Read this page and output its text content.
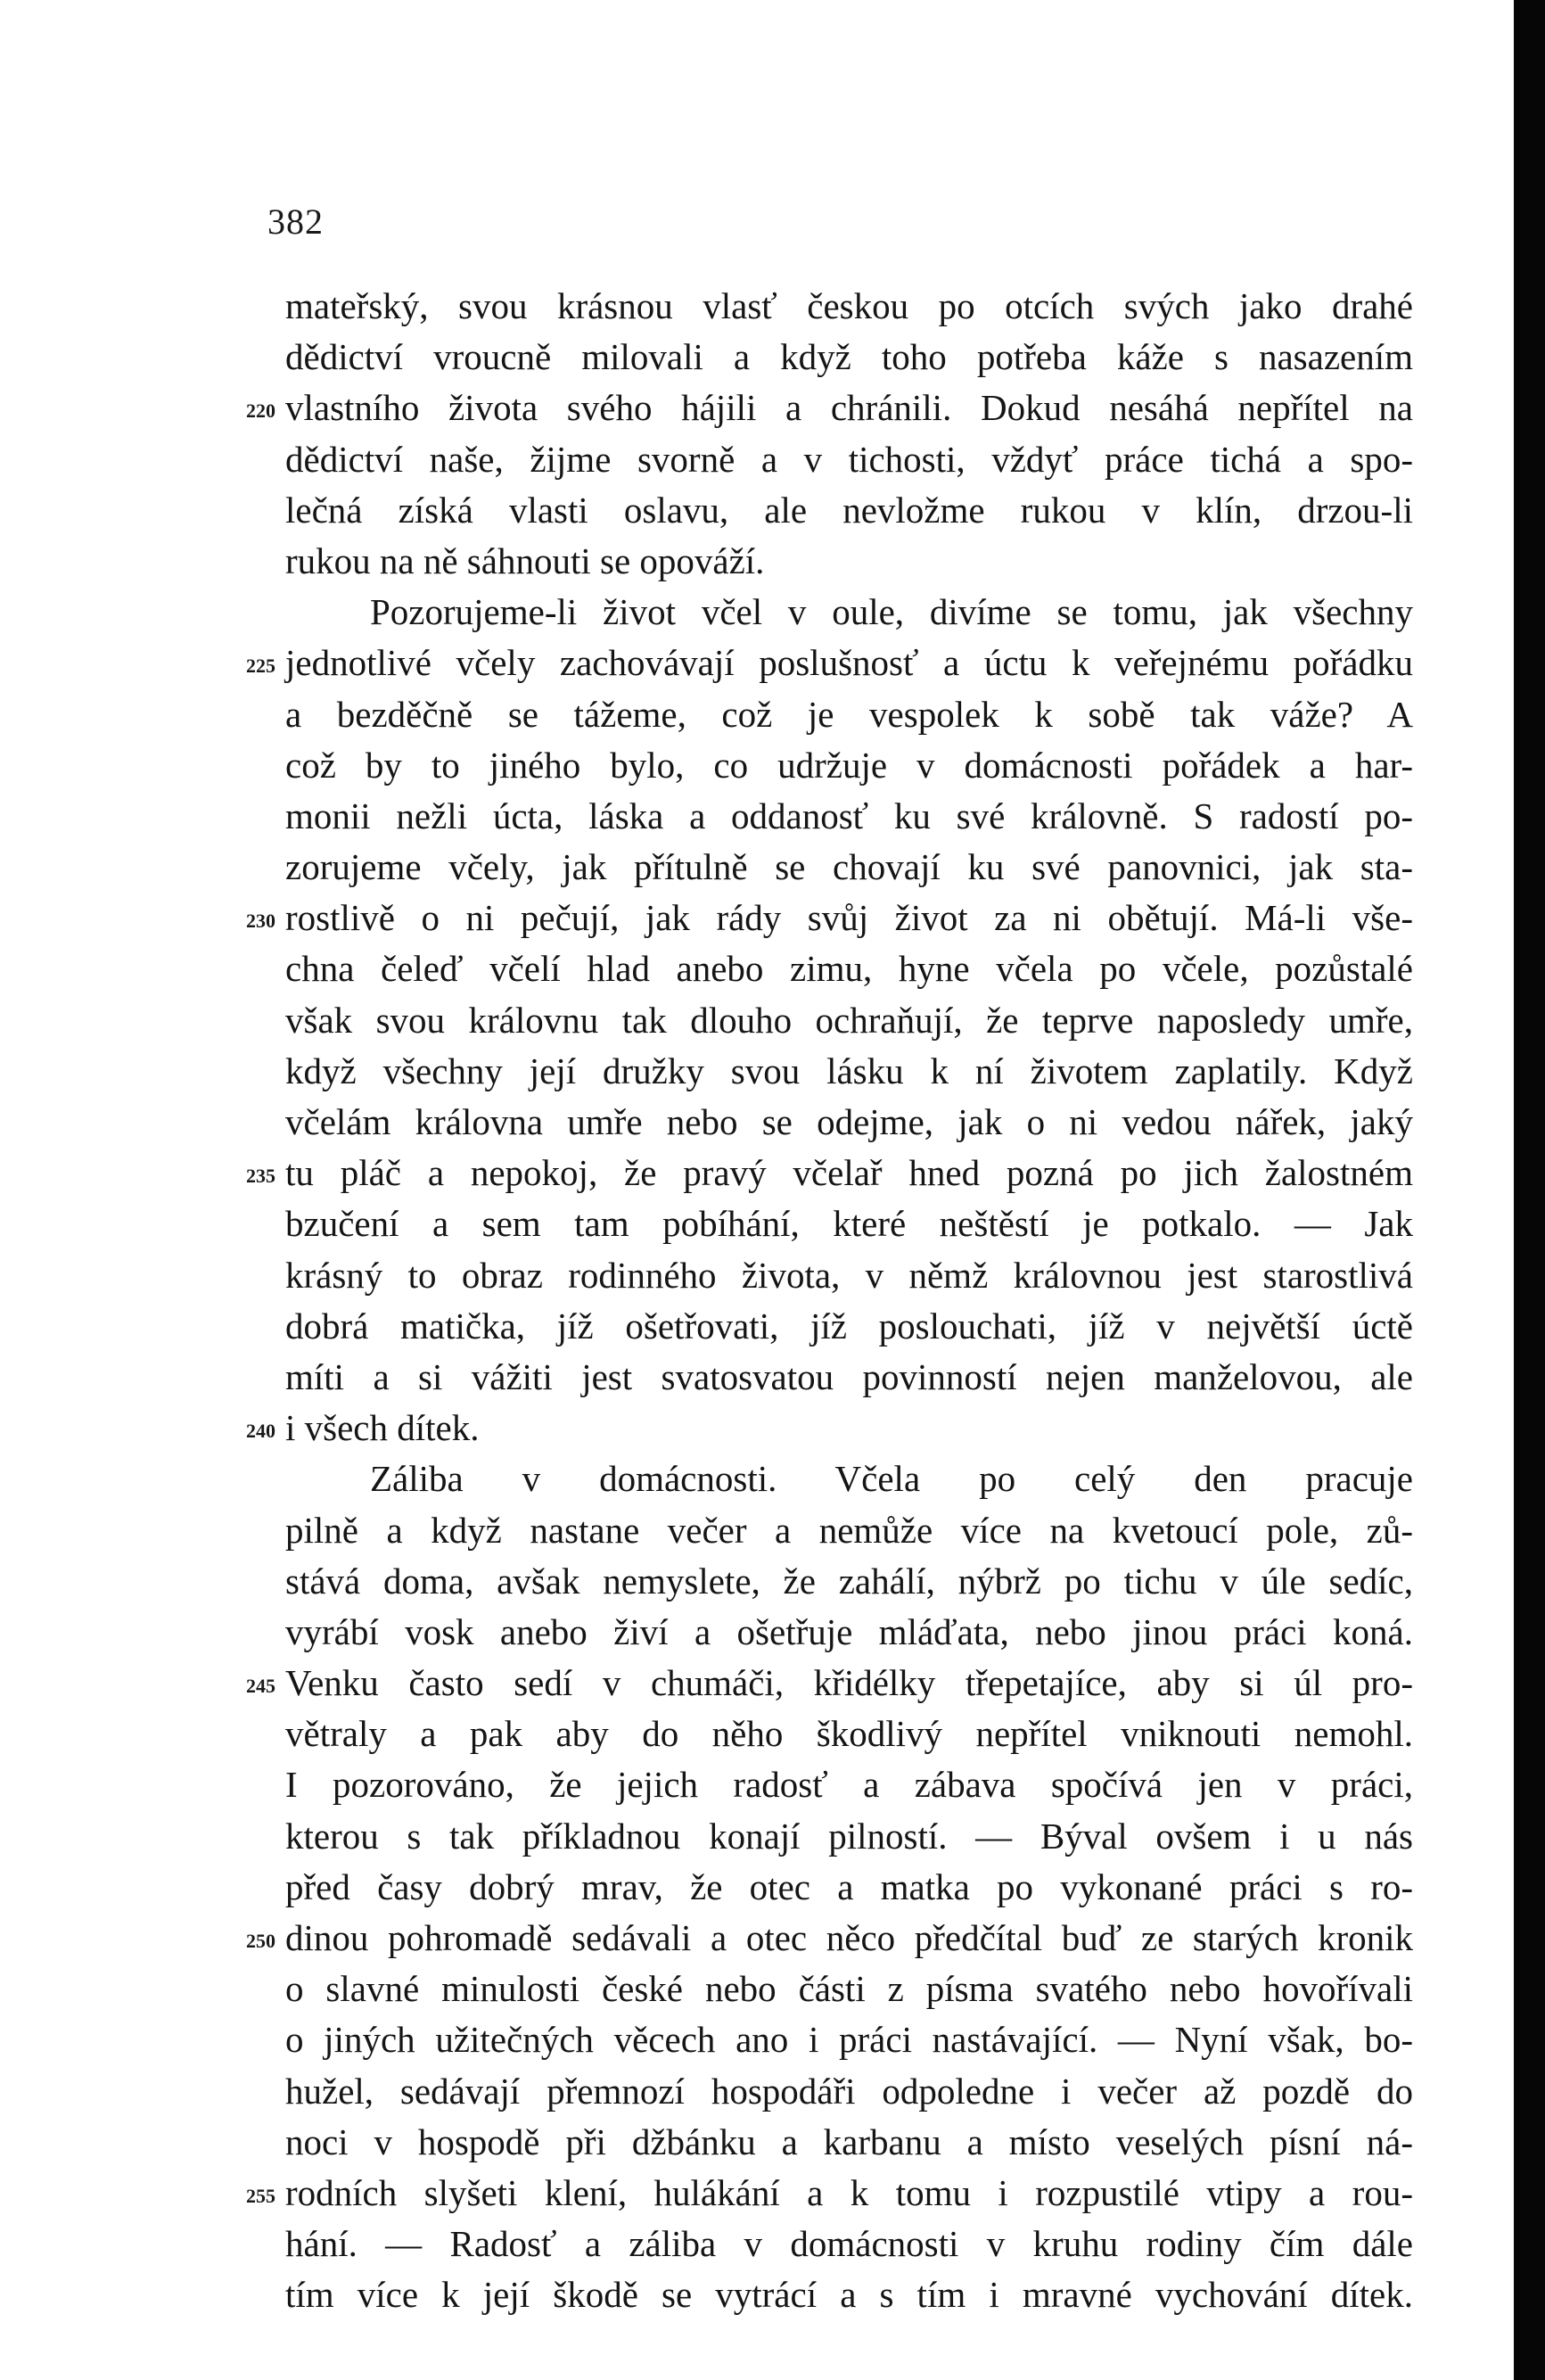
382
mateřský, svou krásnou vlasť českou po otcích svých jako drahé
dědictví vroucně milovali a když toho potřeba káže s nasazením
220 vlastního života svého hájili a chránili. Dokud nesáhá nepřítel na
dědictví naše, žijme svorně a v tichosti, vždyť práce tichá a spo-
lečná získá vlasti oslavu, ale nevložme rukou v klín, drzou-li
rukou na ně sáhnouti se opováží.
Pozorujeme-li život včel v oule, divíme se tomu, jak všechny
225 jednotlivé včely zachovávají poslušnosť a úctu k veřejnému pořádku
a bezděčně se tážeme, což je vespolek k sobě tak váže? A
což by to jiného bylo, co udržuje v domácnosti pořádek a har-
monii nežli úcta, láska a oddanosť ku své královně. S radostí po-
zorujeme včely, jak přítulně se chovají ku své panovnici, jak sta-
230 rostlivě o ni pečují, jak rády svůj život za ni obětují. Má-li vše-
chna čeleď včelí hlad anebo zimu, hyne včela po včele, pozůstalé
však svou královnu tak dlouho ochraňují, že teprve naposledy umře,
když všechny její družky svou lásku k ní životem zaplatily. Když
včelám královna umře nebo se odejme, jak o ni vedou nářek, jaký
235 tu pláč a nepokoj, že pravý včelař hned pozná po jich žalostném
bzučení a sem tam pobíhání, které neštěstí je potkalo. — Jak
krásný to obraz rodinného života, v němž královnou jest starostlivá
dobrá matička, jíž ošetřovati, jíž poslouchati, jíž v největší úctě
míti a si vážiti jest svatosvatou povinností nejen manželovou, ale
240 i všech dítek.
Záliba v domácnosti. Včela po celý den pracuje
pilně a když nastane večer a nemůže více na kvetoucí pole, zů-
stává doma, avšak nemyslete, že zahálí, nýbrž po tichu v úle sedíc,
vyrábí vosk anebo živí a ošetřuje mláďata, nebo jinou práci koná.
245 Venku často sedí v chumáči, křidélky třepetajíce, aby si úl pro-
větraly a pak aby do něho škodlivý nepřítel vniknouti nemohl.
I pozorováno, že jejich radosť a zábava spočívá jen v práci,
kterou s tak příkladnou konají pilností. — Býval ovšem i u nás
před časy dobrý mrav, že otec a matka po vykonané práci s ro-
250 dinou pohromadě sedávali a otec něco předčítal buď ze starých kronik
o slavné minulosti české nebo části z písma svatého nebo hovořívali
o jiných užitečných věcech ano i práci nastávající. — Nyní však, bo-
hužel, sedávají přemnozí hospodáři odpoledne i večer až pozdě do
noci v hospodě při džbánku a karbanu a místo veselých písní ná-
255 rodních slyšeti klení, hulákání a k tomu i rozpustilé vtipy a rou-
hání. — Radosť a záliba v domácnosti v kruhu rodiny čím dále
tím více k její škodě se vytrácí a s tím i mravné vychování dítek.
